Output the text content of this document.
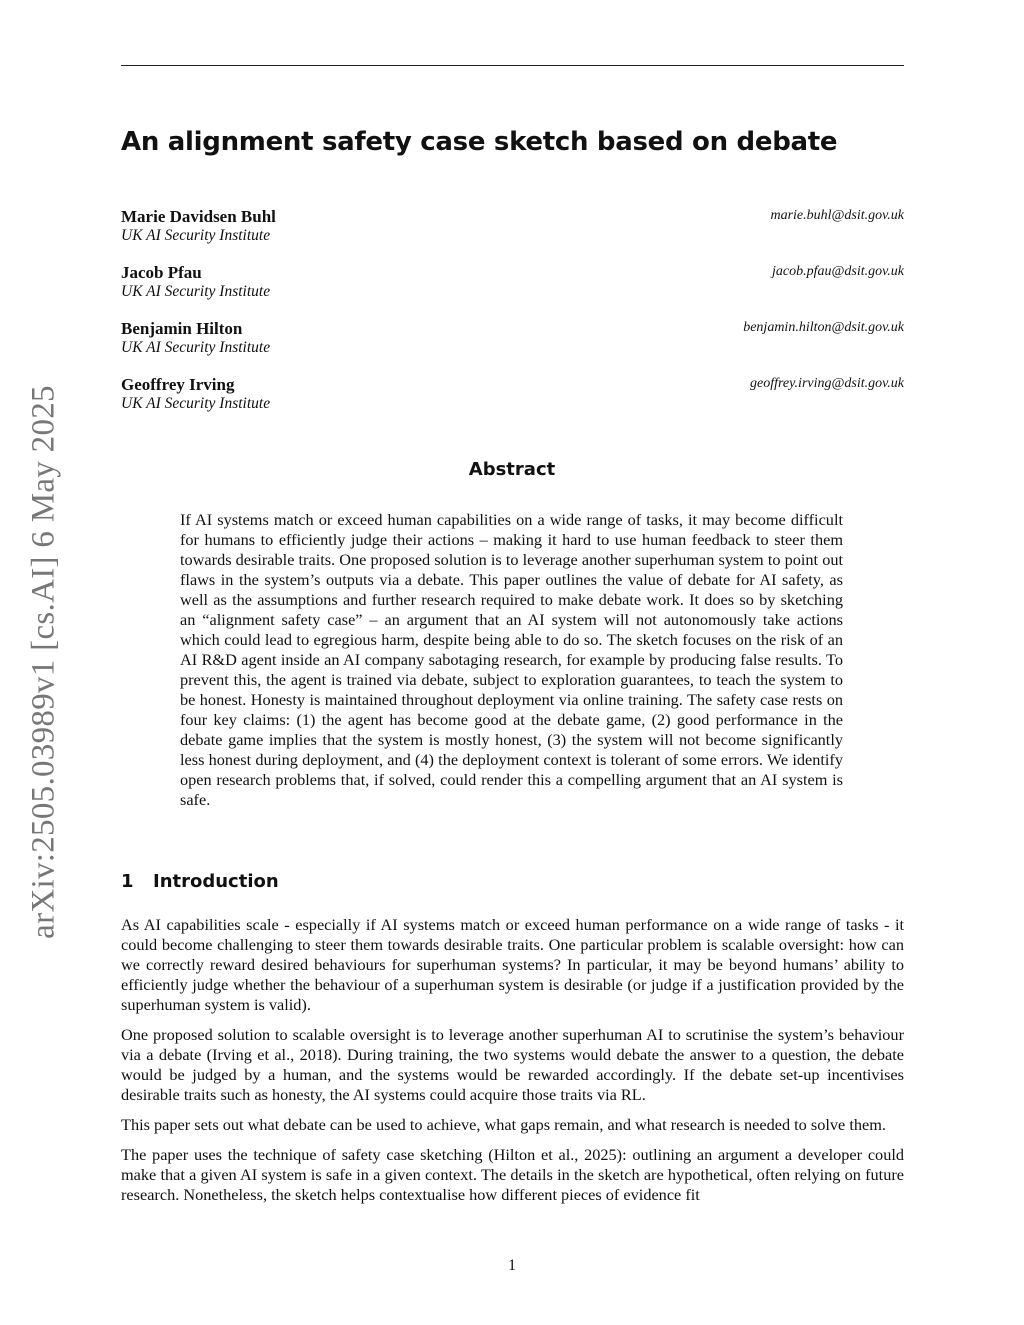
arXiv:2505.03989v1 [cs.AI] 6 May 2025
An alignment safety case sketch based on debate
Marie Davidsen Buhl
UK AI Security Institute
marie.buhl@dsit.gov.uk
Jacob Pfau
UK AI Security Institute
jacob.pfau@dsit.gov.uk
Benjamin Hilton
UK AI Security Institute
benjamin.hilton@dsit.gov.uk
Geoffrey Irving
UK AI Security Institute
geoffrey.irving@dsit.gov.uk
Abstract

If AI systems match or exceed human capabilities on a wide range of tasks, it may become difficult for humans to efficiently judge their actions – making it hard to use human feedback to steer them towards desirable traits. One proposed solution is to leverage another superhuman system to point out flaws in the system’s outputs via a debate. This paper outlines the value of debate for AI safety, as well as the assumptions and further research required to make debate work. It does so by sketching an “alignment safety case” – an argument that an AI system will not autonomously take actions which could lead to egregious harm, despite being able to do so. The sketch focuses on the risk of an AI R&D agent inside an AI company sabotaging research, for example by producing false results. To prevent this, the agent is trained via debate, subject to exploration guarantees, to teach the system to be honest. Honesty is maintained throughout deployment via online training. The safety case rests on four key claims: (1) the agent has become good at the debate game, (2) good performance in the debate game implies that the system is mostly honest, (3) the system will not become significantly less honest during deployment, and (4) the deployment context is tolerant of some errors. We identify open research problems that, if solved, could render this a compelling argument that an AI system is safe.

1 Introduction

As AI capabilities scale - especially if AI systems match or exceed human performance on a wide range of tasks - it could become challenging to steer them towards desirable traits. One particular problem is scalable oversight: how can we correctly reward desired behaviours for superhuman systems? In particular, it may be beyond humans’ ability to efficiently judge whether the behaviour of a superhuman system is desirable (or judge if a justification provided by the superhuman system is valid).

One proposed solution to scalable oversight is to leverage another superhuman AI to scrutinise the system’s behaviour via a debate (Irving et al., 2018). During training, the two systems would debate the answer to a question, the debate would be judged by a human, and the systems would be rewarded accordingly. If the debate set-up incentivises desirable traits such as honesty, the AI systems could acquire those traits via RL.

This paper sets out what debate can be used to achieve, what gaps remain, and what research is needed to solve them.

The paper uses the technique of safety case sketching (Hilton et al., 2025): outlining an argument a developer could make that a given AI system is safe in a given context. The details in the sketch are hypothetical, often relying on future research. Nonetheless, the sketch helps contextualise how different pieces of evidence fit

1
